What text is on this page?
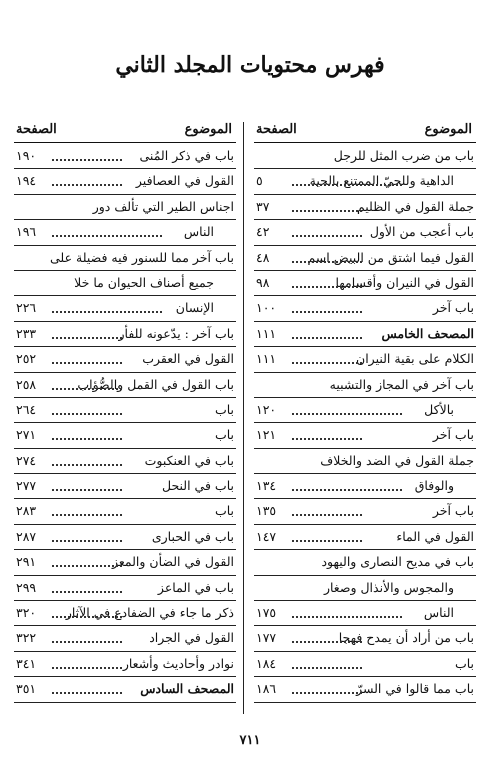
فهرس محتويات المجلد الثاني
الموضوع
الصفحة
باب من ضرب المثل للرجل
الداهية وللحيّ الممتنع بالحية
٥
جملة القول في الظليم
٣٧
باب أعجب من الأول
٤٢
القول فيما اشتق من البيض اسم
٤٨
القول في النيران وأقسامها
٩٨
باب آخر
١٠٠
المصحف الخامس
١١١
الكلام على بقية النيران
١١١
باب آخر في المجاز والتشبيه
بالأكل
١٢٠
باب آخر
١٢١
جملة القول في الضد والخلاف
والوفاق
١٣٤
باب آخر
١٣٥
القول في الماء
١٤٧
باب في مديح النصارى واليهود
والمجوس والأنذال وصغار
الناس
١٧٥
باب من أراد أن يمدح فهجا
١٧٧
باب
١٨٤
باب مما قالوا في السرّ
١٨٦
الموضوع
الصفحة
باب في ذكر المُنى
١٩٠
القول في العصافير
١٩٤
اجناس الطير التي تألف دور
الناس
١٩٦
باب آخر مما للسنور فيه فضيلة على
جميع أصناف الحيوان ما خلا
الإنسان
٢٢٦
باب آخر : يدّعونه للفأر
٢٣٣
القول في العقرب
٢٥٢
باب القول في القمل والصُّؤاب
٢٥٨
باب
٢٦٤
باب
٢٧١
باب في العنكبوت
٢٧٤
باب في النحل
٢٧٧
باب
٢٨٣
باب في الحبارى
٢٨٧
القول في الضأن والمعز
٢٩١
باب في الماعز
٢٩٩
ذكر ما جاء في الضفادع في الآثار
٣٢٠
القول في الجراد
٣٢٢
نوادر وأحاديث وأشعار
٣٤١
المصحف السادس
٣٥١
٧١١
